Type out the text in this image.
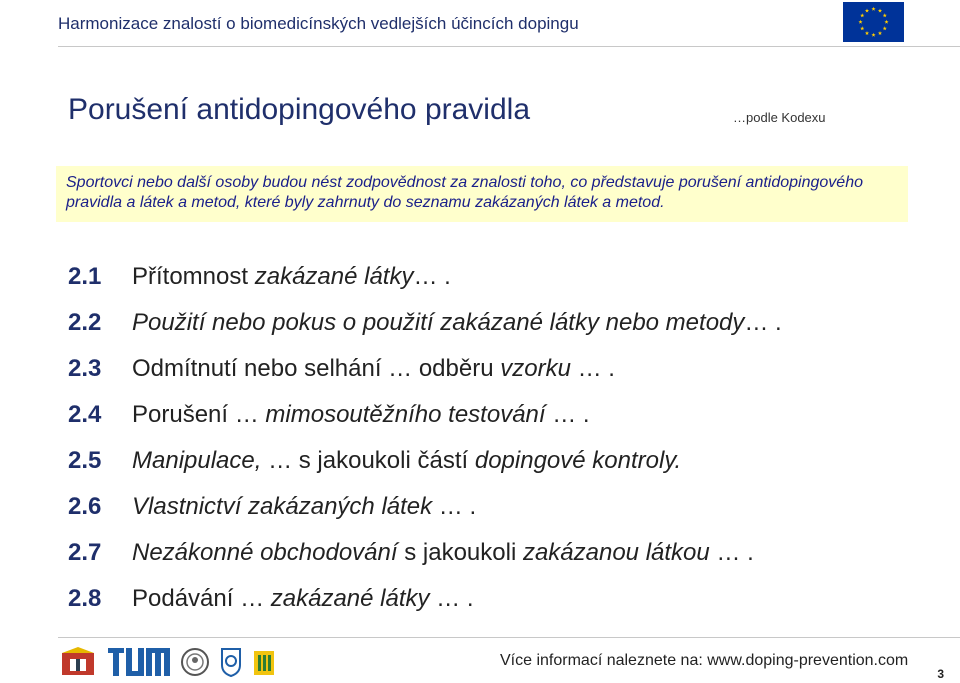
Harmonizace znalostí o biomedicínských vedlejších účincích dopingu
Porušení antidopingového pravidla	…podle Kodexu
Sportovci nebo další osoby budou nést zodpovědnost za znalosti toho, co představuje porušení antidopingového pravidla a látek a metod, které byly zahrnuty do seznamu zakázaných látek a metod.
2.1	Přítomnost zakázané látky… .
2.2	Použití nebo pokus o použití zakázané látky nebo metody… .
2.3	Odmítnutí nebo selhání … odběru vzorku … .
2.4	Porušení … mimosoutěžního testování … .
2.5	Manipulace, … s jakoukoli částí dopingové kontroly.
2.6	Vlastnictví zakázaných látek … .
2.7	Nezákonné obchodování s jakoukoli zakázanou látkou … .
2.8	Podávání … zakázané látky … .
Více informací naleznete na: www.doping-prevention.com
3
